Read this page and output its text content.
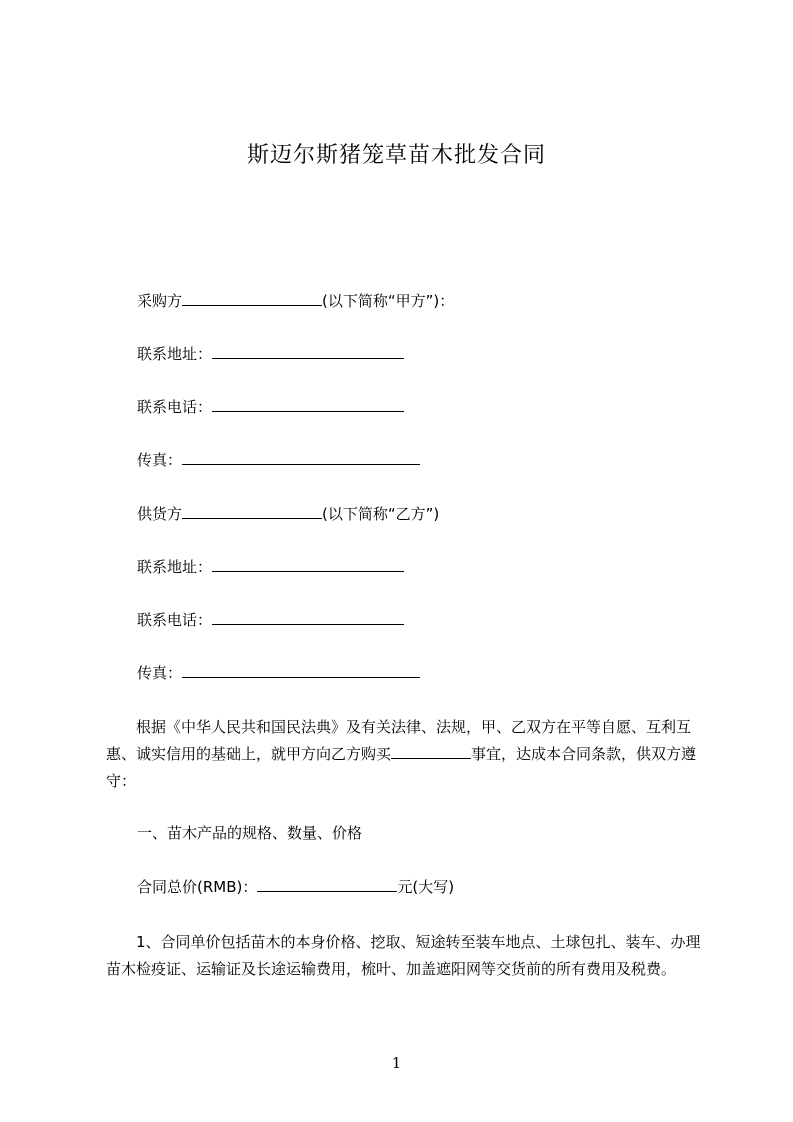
斯迈尔斯猪笼草苗木批发合同
采购方	(以下简称“甲方”)：
联系地址：
联系电话：
传真：
供货方	(以下简称“乙方”)
联系地址：
联系电话：
传真：
根据《中华人民共和国民法典》及有关法律、法规，甲、乙双方在平等自愿、互利互惠、诚实信用的基础上，就甲方向乙方购买	事宜，达成本合同条款，供双方遵守：
一、苗木产品的规格、数量、价格
合同总价(RMB)：	元(大写)
1、合同单价包括苗木的本身价格、挖取、短途转至装车地点、土球包扎、装车、办理苗木检疫证、运输证及长途运输费用，梳叶、加盖遮阳网等交货前的所有费用及税费。
1
